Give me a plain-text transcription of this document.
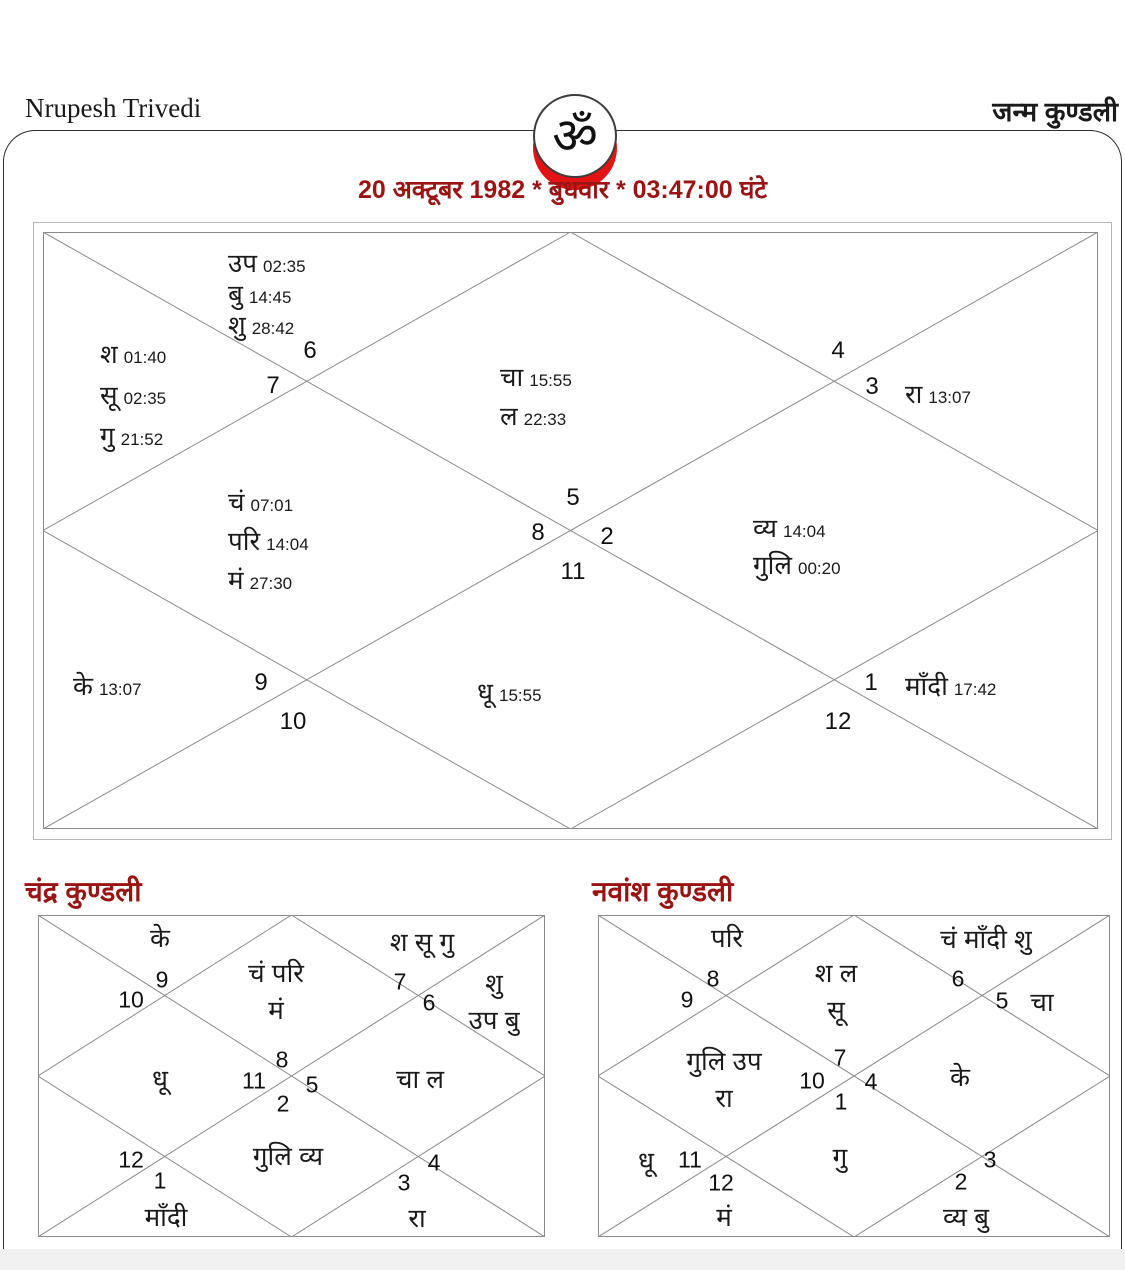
Nrupesh Trivedi	जन्म कुण्डली
ॐ
20 अक्टूबर 1982 * बुधवार * 03:47:00 घंटे
चा 15:55
ल 22:33
उप 02:35
बु 14:45
शु 28:42
श 01:40
सू 02:35
गु 21:52
चं 07:01
परि 14:04
मं 27:30
के 13:07	धू 15:55	माँदी 17:42
व्य 14:04
गुलि 00:20
रा 13:07
5
6
7
8
9
10
11
12
1
2
3
4
चंद्र कुण्डली
चं परि
मं
के
धू
माँदी
गुलि व्य
रा
चा ल
शु
उप बु
श सू गु
8
9
10
11
12
1
2
3
4
5
6
7
नवांश कुण्डली
श ल
सू
परि
गुलि उप
रा
धू
मं
गु
व्य बु
के
चा
चं माँदी शु
7
8
9
10
11
12
1
2
3
4
5
6
